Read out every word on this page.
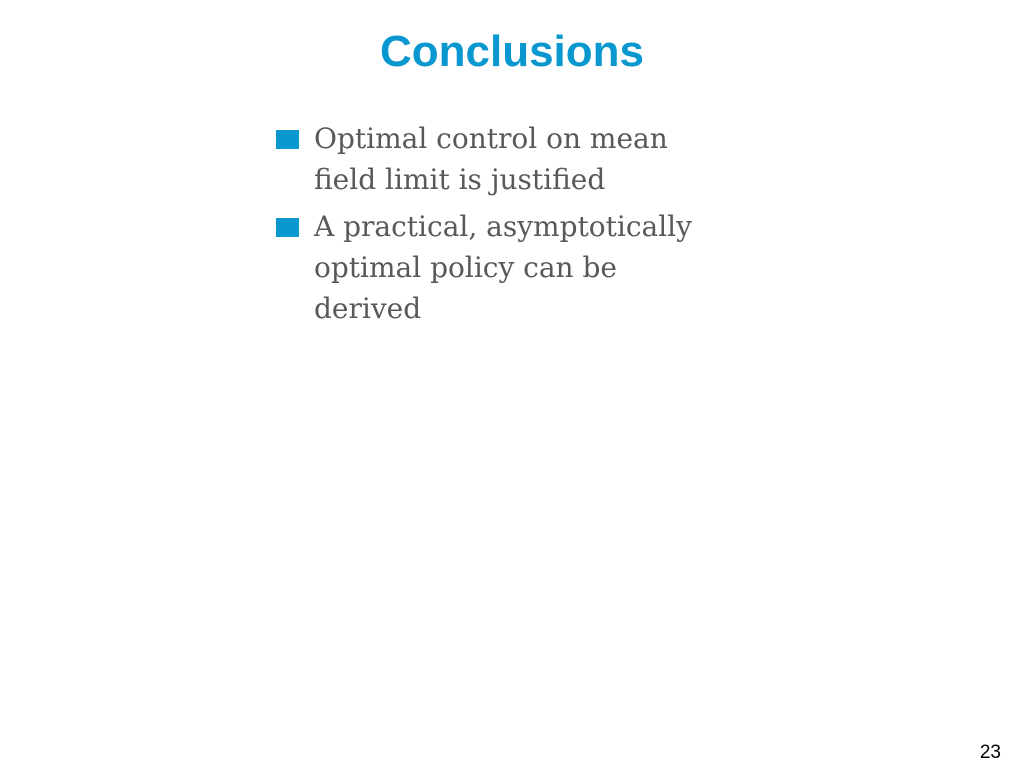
Conclusions
Optimal control on mean field limit is justified
A practical, asymptotically optimal policy can be derived
23
